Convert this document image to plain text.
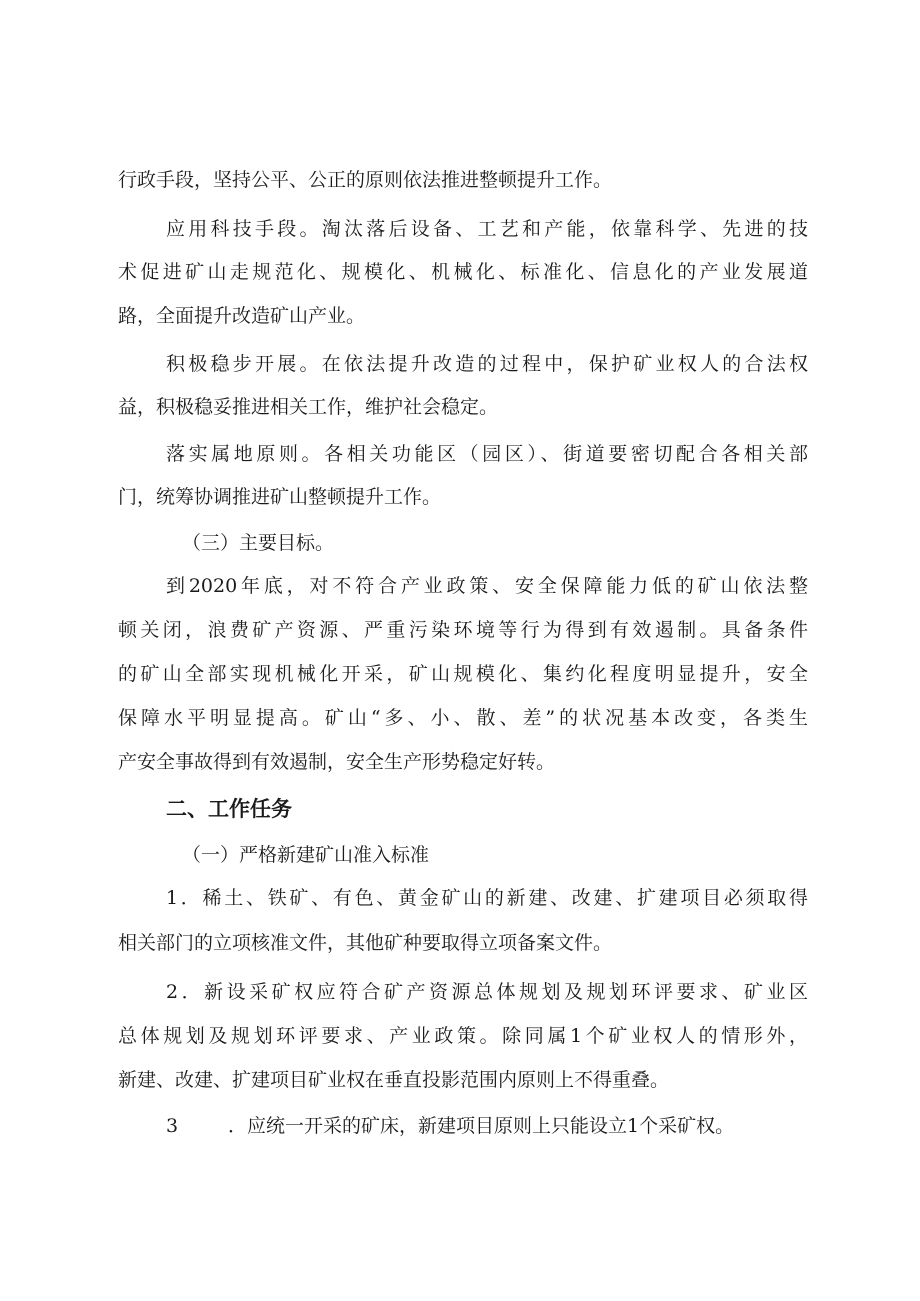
行政手段，坚持公平、公正的原则依法推进整顿提升工作。
应用科技手段。淘汰落后设备、工艺和产能，依靠科学、先进的技
术促进矿山走规范化、规模化、机械化、标准化、信息化的产业发展道
路，全面提升改造矿山产业。
积极稳步开展。在依法提升改造的过程中，保护矿业权人的合法权
益，积极稳妥推进相关工作，维护社会稳定。
落实属地原则。各相关功能区（园区）、街道要密切配合各相关部
门，统筹协调推进矿山整顿提升工作。
（三）主要目标。
到2020年底，对不符合产业政策、安全保障能力低的矿山依法整
顿关闭，浪费矿产资源、严重污染环境等行为得到有效遏制。具备条件
的矿山全部实现机械化开采，矿山规模化、集约化程度明显提升，安全
保障水平明显提高。矿山“多、小、散、差”的状况基本改变，各类生
产安全事故得到有效遏制，安全生产形势稳定好转。
二、工作任务
（一）严格新建矿山准入标准
1．稀土、铁矿、有色、黄金矿山的新建、改建、扩建项目必须取得
相关部门的立项核准文件，其他矿种要取得立项备案文件。
2．新设采矿权应符合矿产资源总体规划及规划环评要求、矿业区
总体规划及规划环评要求、产业政策。除同属1个矿业权人的情形外，
新建、改建、扩建项目矿业权在垂直投影范围内原则上不得重叠。
3	．应统一开采的矿床，新建项目原则上只能设立1个采矿权。
